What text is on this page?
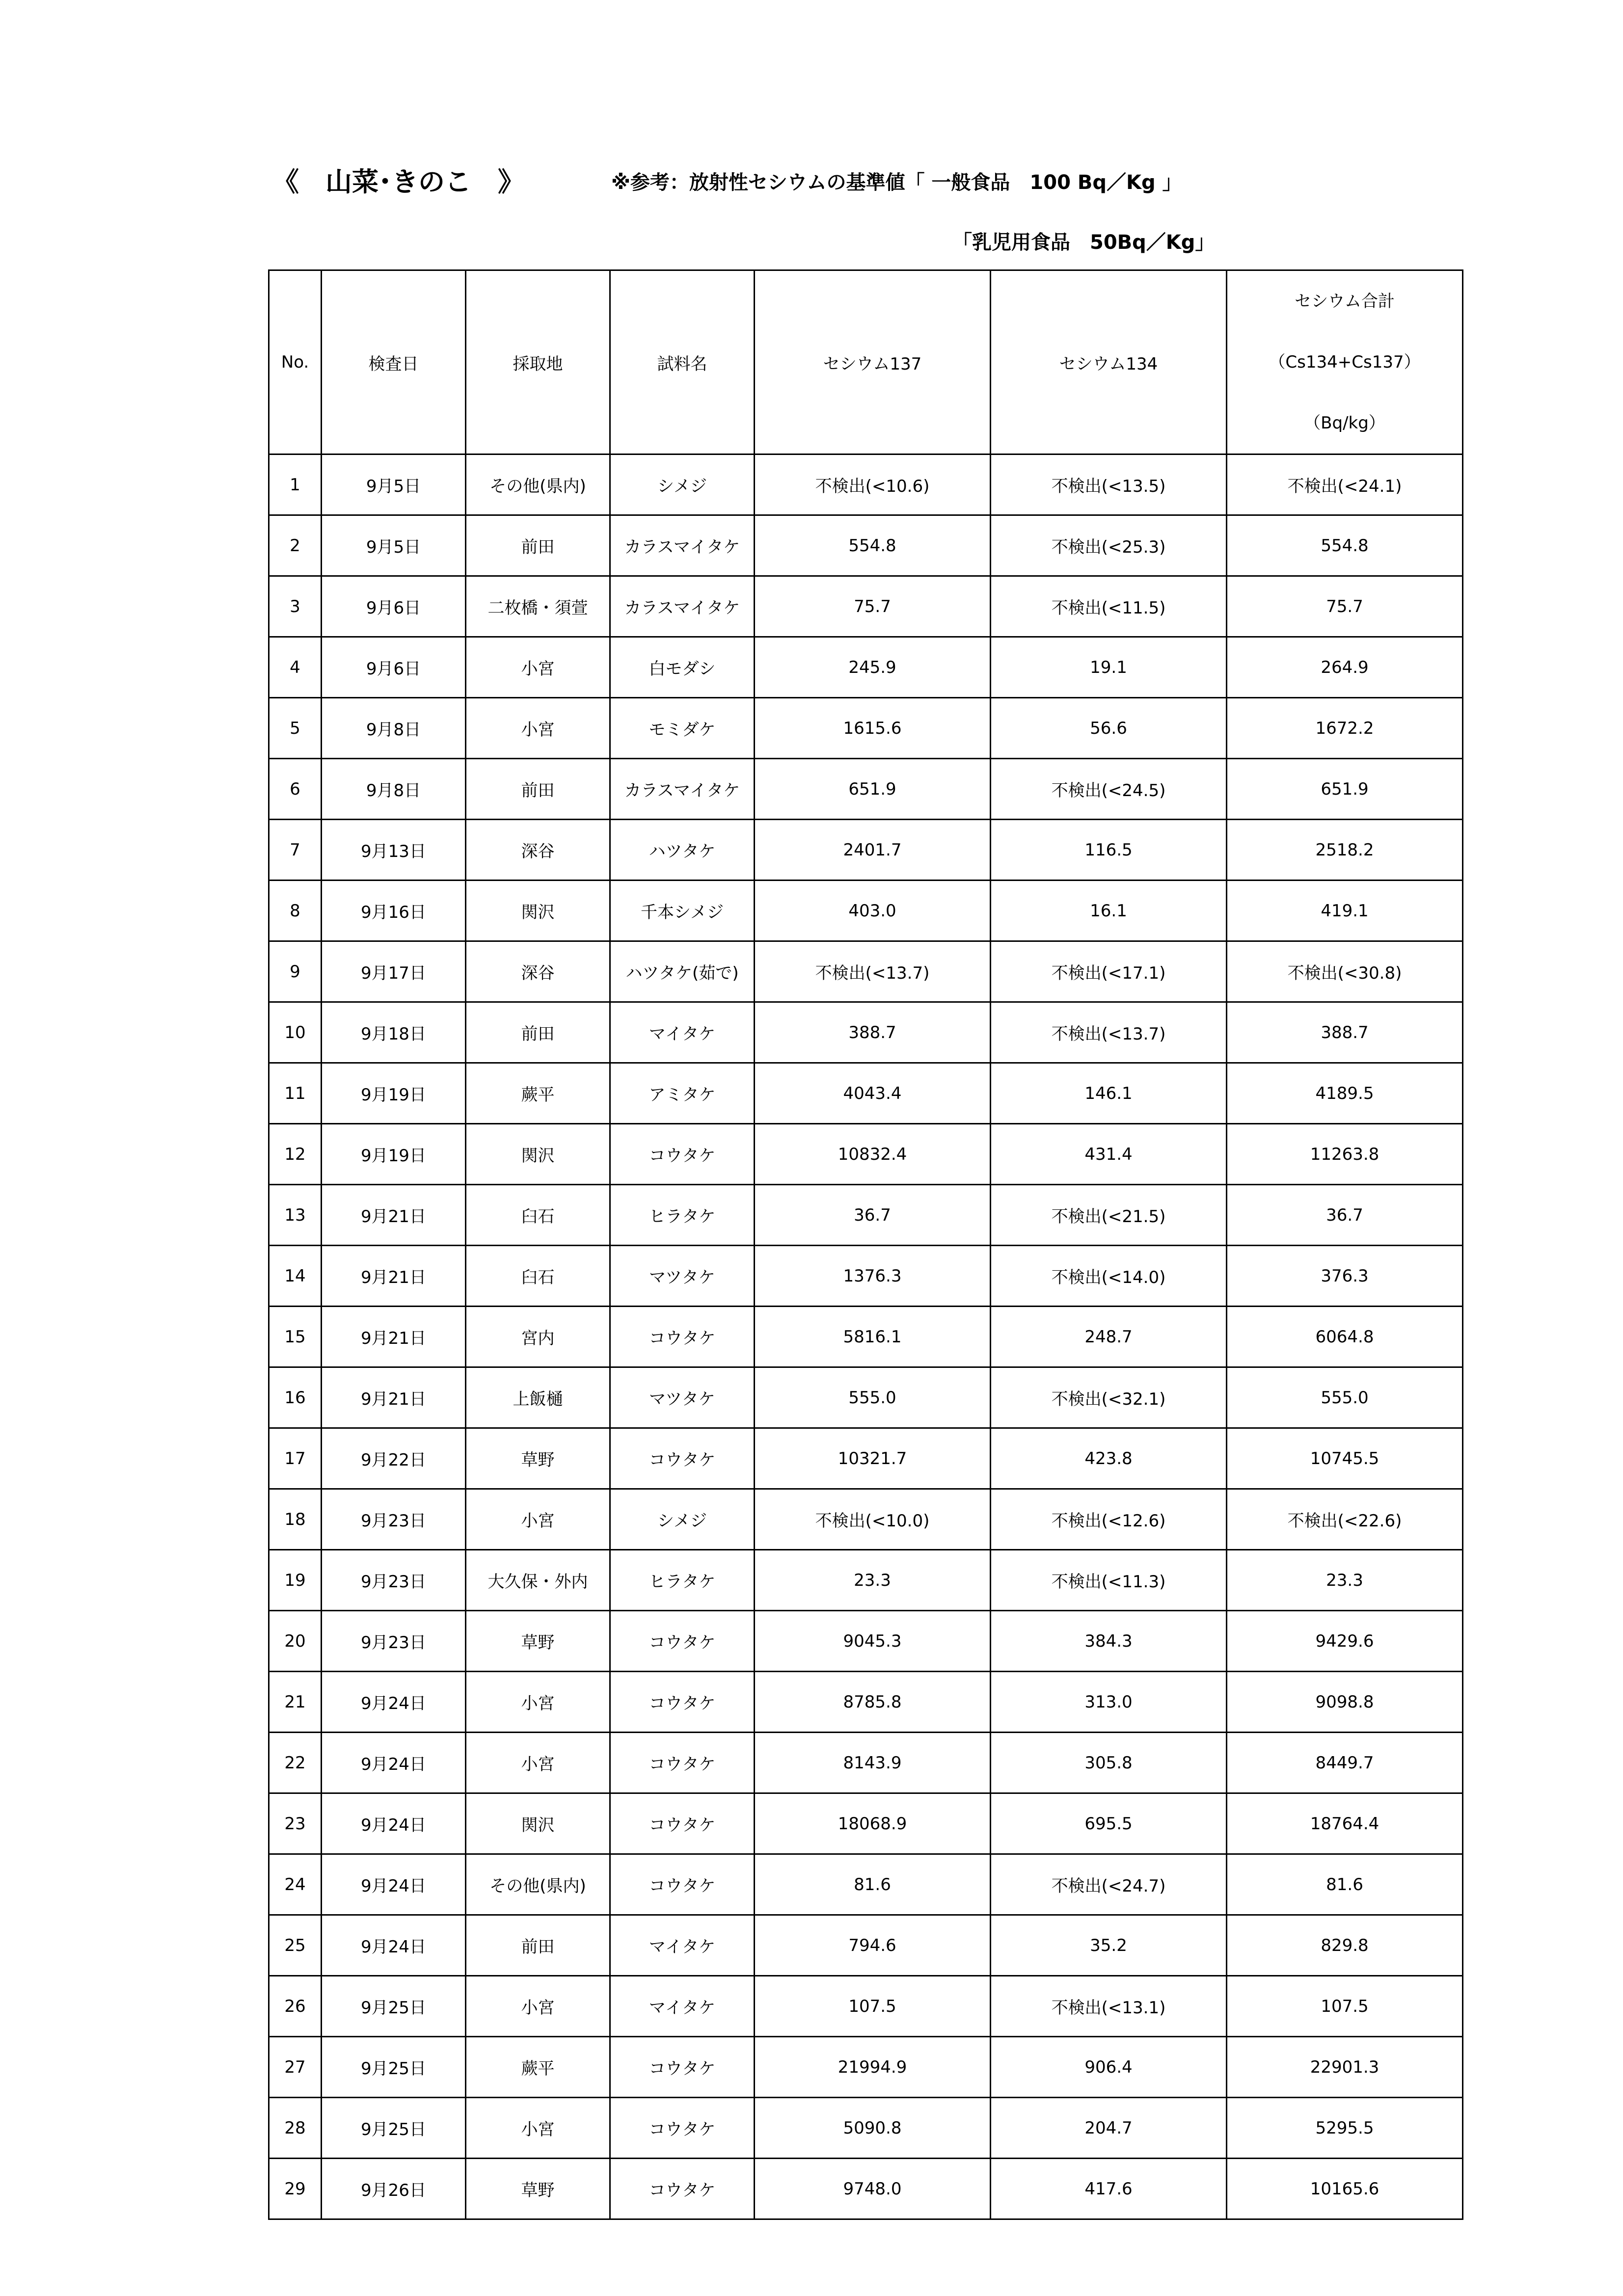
《　山菜･きのこ　》	※参考：放射性セシウムの基準値「 一般食品　100 Bq／Kg 」
「乳児用食品　50Bq／Kg」
No.	検査日	採取地	試料名	セシウム137	セシウム134	セシウム合計
（Cs134+Cs137）
（Bq/kg）

1	9月5日	その他(県内)	シメジ	不検出(<10.6)	不検出(<13.5)	不検出(<24.1)
2	9月5日	前田	カラスマイタケ	554.8	不検出(<25.3)	554.8
3	9月6日	二枚橋・須萱	カラスマイタケ	75.7	不検出(<11.5)	75.7
4	9月6日	小宮	白モダシ	245.9	19.1	264.9
5	9月8日	小宮	モミダケ	1615.6	56.6	1672.2
6	9月8日	前田	カラスマイタケ	651.9	不検出(<24.5)	651.9
7	9月13日	深谷	ハツタケ	2401.7	116.5	2518.2
8	9月16日	関沢	千本シメジ	403.0	16.1	419.1
9	9月17日	深谷	ハツタケ(茹で)	不検出(<13.7)	不検出(<17.1)	不検出(<30.8)
10	9月18日	前田	マイタケ	388.7	不検出(<13.7)	388.7
11	9月19日	蕨平	アミタケ	4043.4	146.1	4189.5
12	9月19日	関沢	コウタケ	10832.4	431.4	11263.8
13	9月21日	臼石	ヒラタケ	36.7	不検出(<21.5)	36.7
14	9月21日	臼石	マツタケ	1376.3	不検出(<14.0)	376.3
15	9月21日	宮内	コウタケ	5816.1	248.7	6064.8
16	9月21日	上飯樋	マツタケ	555.0	不検出(<32.1)	555.0
17	9月22日	草野	コウタケ	10321.7	423.8	10745.5
18	9月23日	小宮	シメジ	不検出(<10.0)	不検出(<12.6)	不検出(<22.6)
19	9月23日	大久保・外内	ヒラタケ	23.3	不検出(<11.3)	23.3
20	9月23日	草野	コウタケ	9045.3	384.3	9429.6
21	9月24日	小宮	コウタケ	8785.8	313.0	9098.8
22	9月24日	小宮	コウタケ	8143.9	305.8	8449.7
23	9月24日	関沢	コウタケ	18068.9	695.5	18764.4
24	9月24日	その他(県内)	コウタケ	81.6	不検出(<24.7)	81.6
25	9月24日	前田	マイタケ	794.6	35.2	829.8
26	9月25日	小宮	マイタケ	107.5	不検出(<13.1)	107.5
27	9月25日	蕨平	コウタケ	21994.9	906.4	22901.3
28	9月25日	小宮	コウタケ	5090.8	204.7	5295.5
29	9月26日	草野	コウタケ	9748.0	417.6	10165.6
